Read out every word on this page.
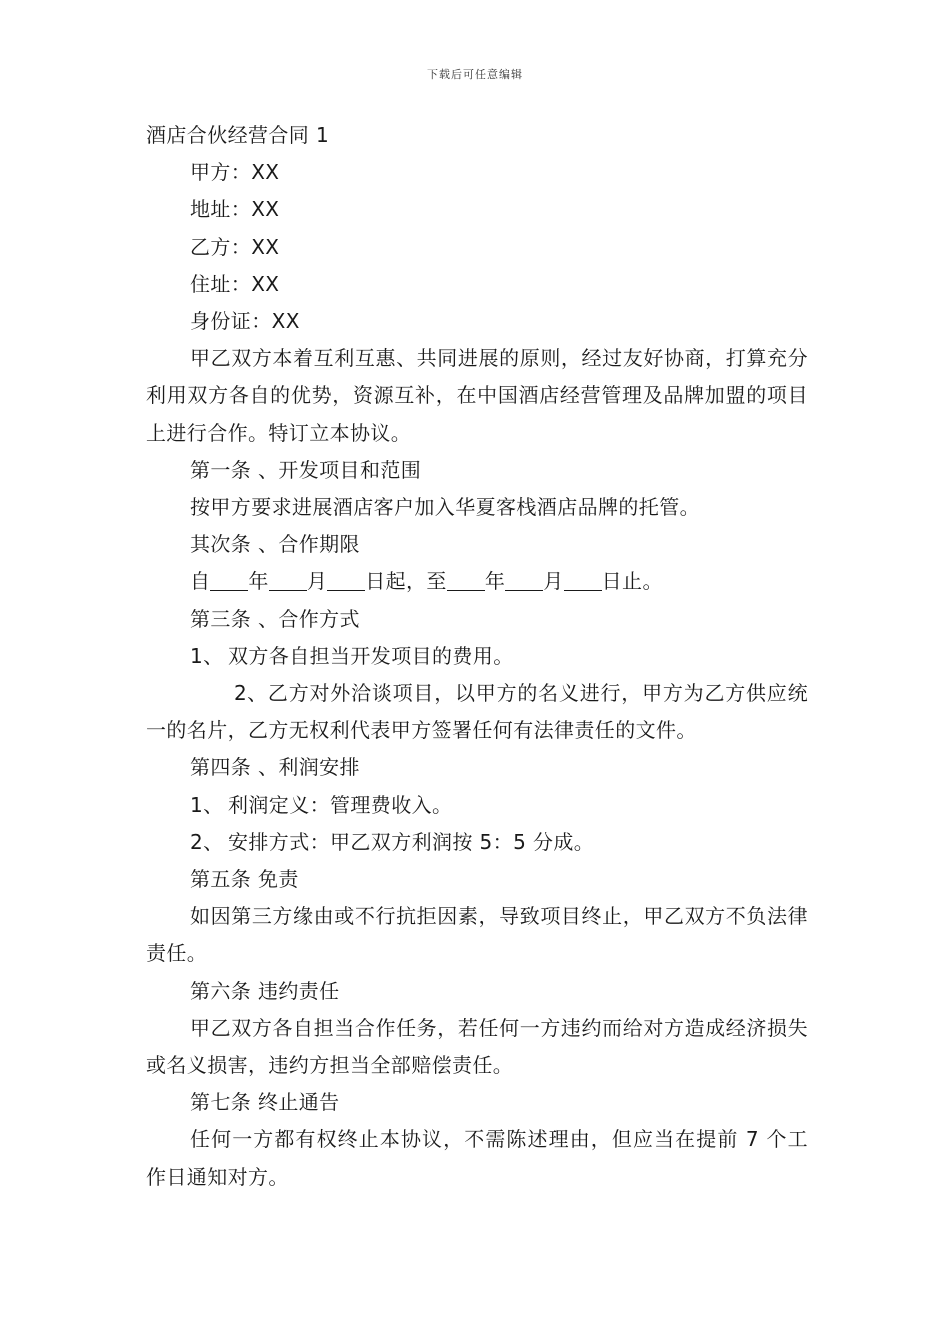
下载后可任意编辑
酒店合伙经营合同 1
甲方：XX
地址：XX
乙方：XX
住址：XX
身份证：XX
甲乙双方本着互利互惠、共同进展的原则，经过友好协商，打算充分利用双方各自的优势，资源互补，在中国酒店经营管理及品牌加盟的项目上进行合作。特订立本协议。
第一条 、开发项目和范围
按甲方要求进展酒店客户加入华夏客栈酒店品牌的托管。
其次条 、合作期限
自 年 月 日起，至 年 月 日止。
第三条 、合作方式
1、 双方各自担当开发项目的费用。
2、乙方对外洽谈项目，以甲方的名义进行，甲方为乙方供应统一的名片，乙方无权利代表甲方签署任何有法律责任的文件。
第四条 、利润安排
1、 利润定义：管理费收入。
2、 安排方式：甲乙双方利润按 5：5 分成。
第五条 免责
如因第三方缘由或不行抗拒因素，导致项目终止，甲乙双方不负法律责任。
第六条 违约责任
甲乙双方各自担当合作任务，若任何一方违约而给对方造成经济损失或名义损害，违约方担当全部赔偿责任。
第七条 终止通告
任何一方都有权终止本协议，不需陈述理由，但应当在提前 7 个工作日通知对方。
